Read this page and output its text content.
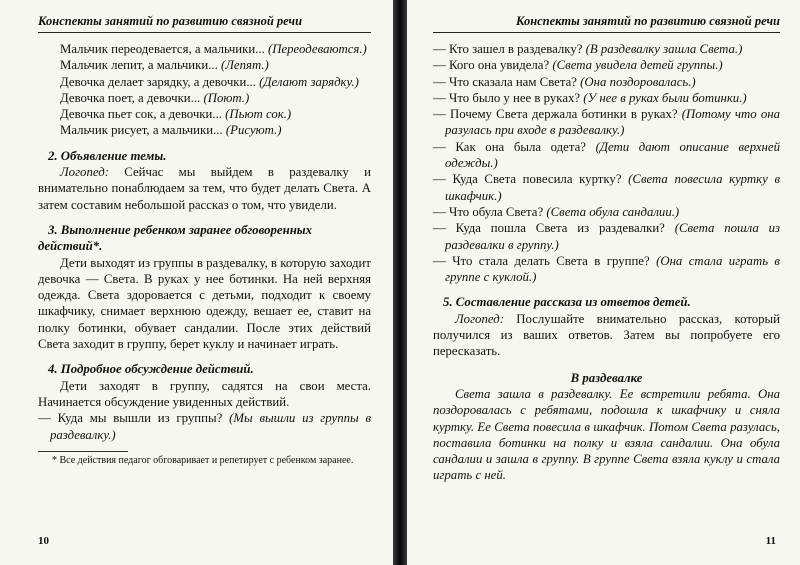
Конспекты занятий по развитию связной речи

Мальчик переодевается, а мальчики... (Переодеваются.)

Мальчик лепит, а мальчики... (Лепят.)

Девочка делает зарядку, а девочки... (Делают зарядку.)

Девочка поет, а девочки... (Поют.)

Девочка пьет сок, а девочки... (Пьют сок.)

Мальчик рисует, а мальчики... (Рисуют.)

2. Объявление темы.

Логопед: Сейчас мы выйдем в раздевалку и внимательно понаблюдаем за тем, что будет делать Света. А затем составим небольшой рассказ о том, что увидели.

3. Выполнение ребенком заранее обговоренных действий*.

Дети выходят из группы в раздевалку, в которую заходит девочка — Света. В руках у нее ботинки. На ней верхняя одежда. Света здоровается с детьми, подходит к своему шкафчику, снимает верхнюю одежду, вешает ее, ставит на полку ботинки, обувает сандалии. После этих действий Света заходит в группу, берет куклу и начинает играть.

4. Подробное обсуждение действий.

Дети заходят в группу, садятся на свои места. Начинается обсуждение увиденных действий.

— Куда мы вышли из группы? (Мы вышли из группы в раздевалку.)

* Все действия педагог обговаривает и репетирует с ребенком заранее.

10
Конспекты занятий по развитию связной речи

— Кто зашел в раздевалку? (В раздевалку зашла Света.)

— Кого она увидела? (Света увидела детей группы.)

— Что сказала нам Света? (Она поздоровалась.)

— Что было у нее в руках? (У нее в руках были ботинки.)

— Почему Света держала ботинки в руках? (Потому что она разулась при входе в раздевалку.)

— Как она была одета? (Дети дают описание верхней одежды.)

— Куда Света повесила куртку? (Света повесила куртку в шкафчик.)

— Что обула Света? (Света обула сандалии.)

— Куда пошла Света из раздевалки? (Света пошла из раздевалки в группу.)

— Что стала делать Света в группе? (Она стала играть в группе с куклой.)

5. Составление рассказа из ответов детей.

Логопед: Послушайте внимательно рассказ, который получился из ваших ответов. Затем вы попробуете его пересказать.

В раздевалке

Света зашла в раздевалку. Ее встретили ребята. Она поздоровалась с ребятами, подошла к шкафчику и сняла куртку. Ее Света повесила в шкафчик. Потом Света разулась, поставила ботинки на полку и взяла сандалии. Она обула сандалии и зашла в группу. В группе Света взяла куклу и стала играть с ней.

11
